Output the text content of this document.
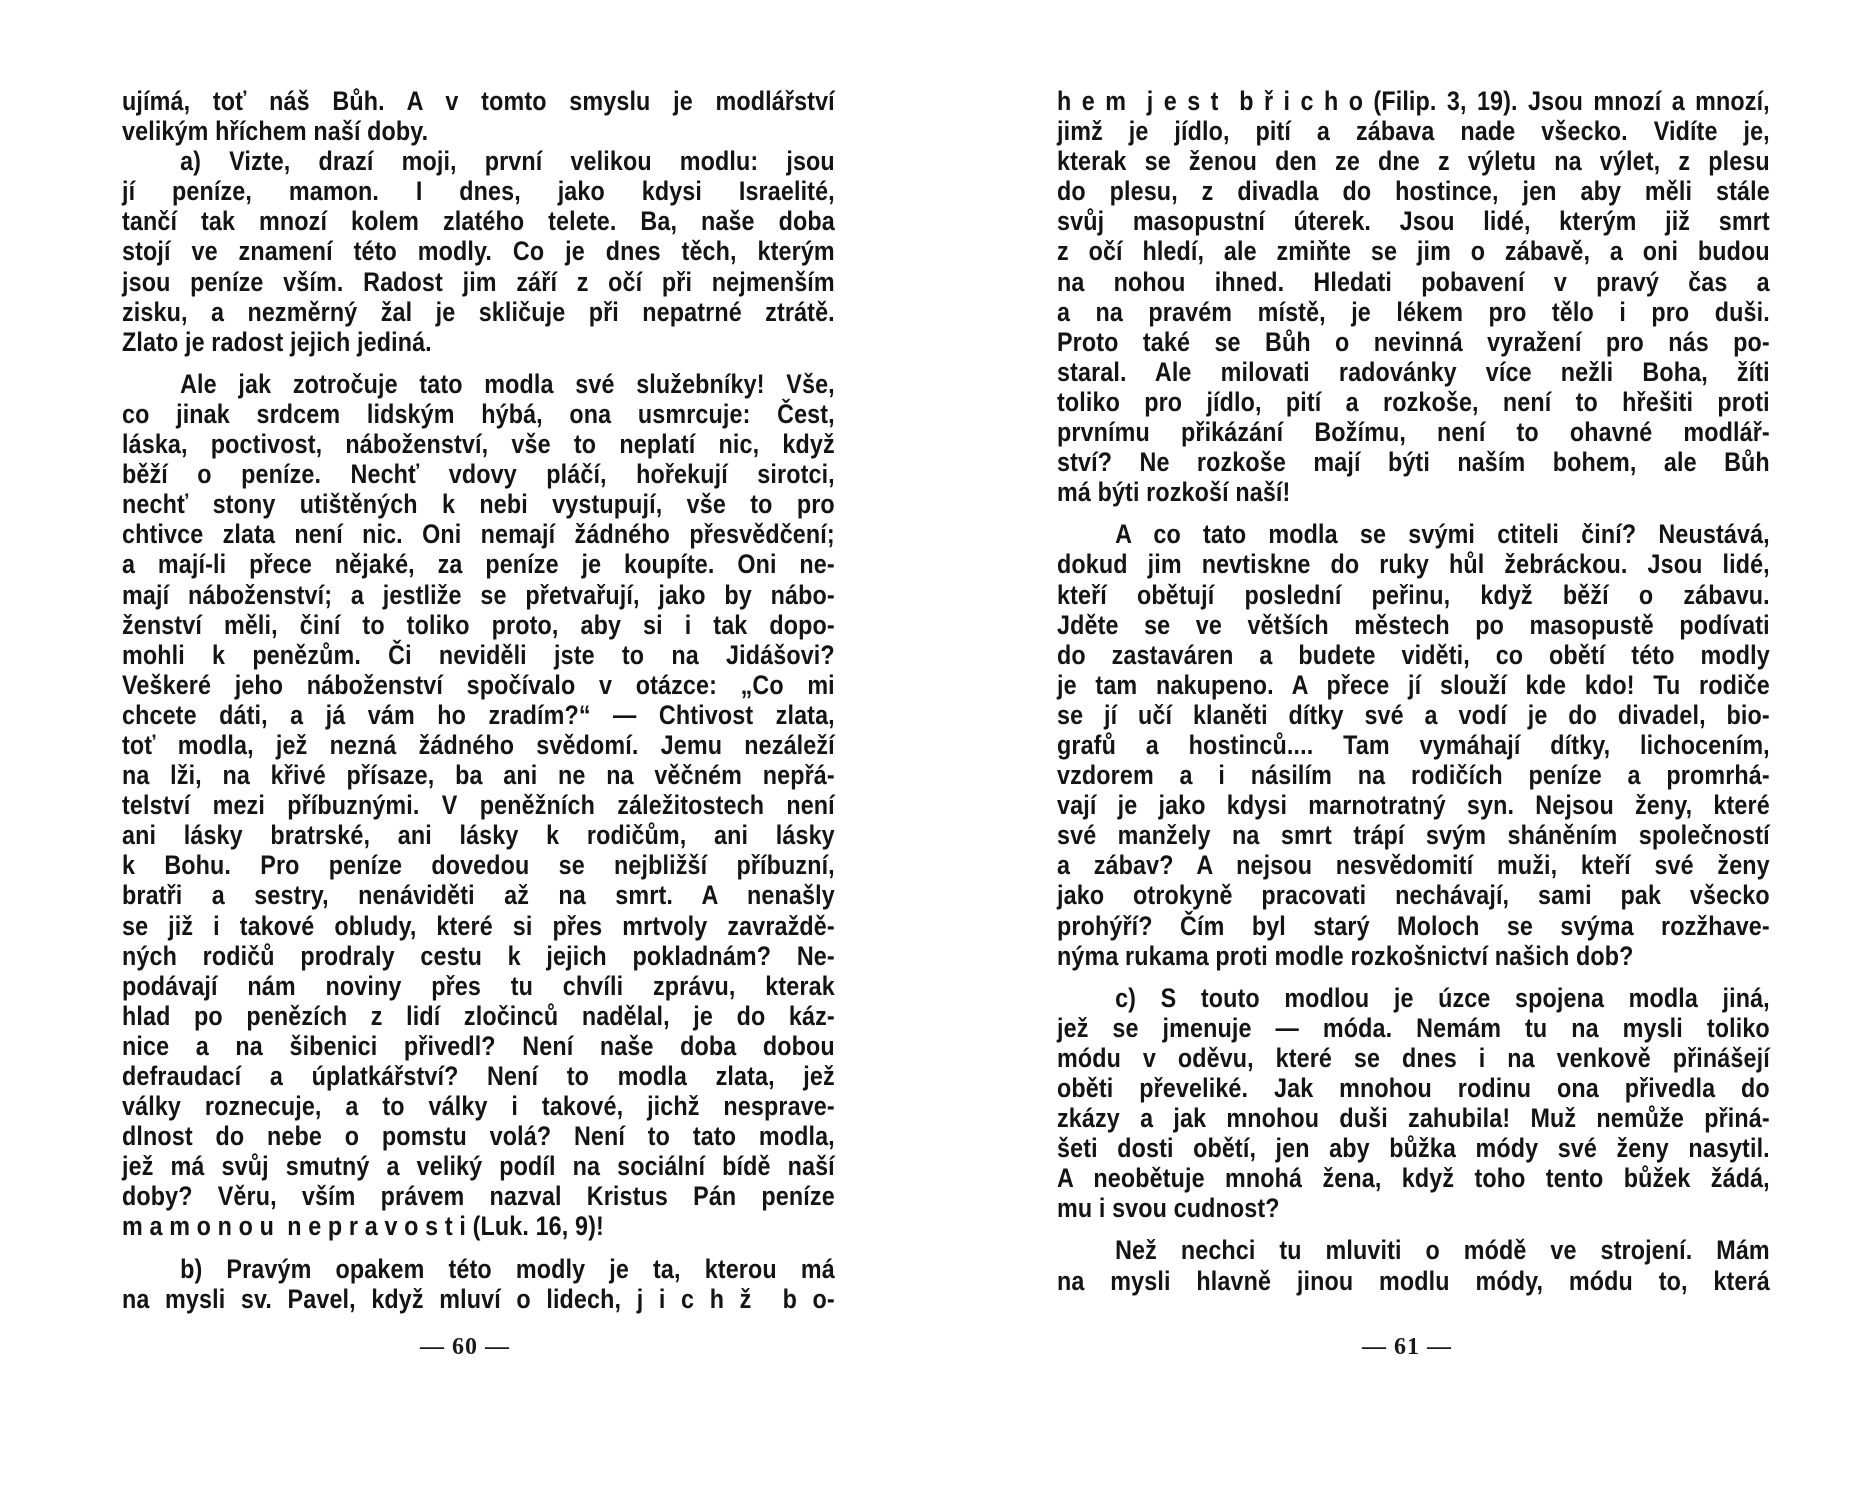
ujímá, toť náš Bůh. A v tomto smyslu je modlářství
velikým hříchem naší doby.
a) Vizte, drazí moji, první velikou modlu: jsou
jí peníze, mamon. I dnes, jako kdysi Israelité,
tančí tak mnozí kolem zlatého telete. Ba, naše doba
stojí ve znamení této modly. Co je dnes těch, kterým
jsou peníze vším. Radost jim září z očí při nejmenším
zisku, a nezměrný žal je skličuje při nepatrné ztrátě.
Zlato je radost jejich jediná.
Ale jak zotročuje tato modla své služebníky! Vše,
co jinak srdcem lidským hýbá, ona usmrcuje: Čest,
láska, poctivost, náboženství, vše to neplatí nic, když
běží o peníze. Nechť vdovy pláčí, hořekují sirotci,
nechť stony utištěných k nebi vystupují, vše to pro
chtivce zlata není nic. Oni nemají žádného přesvědčení;
a mají-li přece nějaké, za peníze je koupíte. Oni ne-
mají náboženství; a jestliže se přetvařují, jako by nábo-
ženství měli, činí to toliko proto, aby si i tak dopo-
mohli k penězům. Či neviděli jste to na Jidášovi?
Veškeré jeho náboženství spočívalo v otázce: „Co mi
chcete dáti, a já vám ho zradím?“ — Chtivost zlata,
toť modla, jež nezná žádného svědomí. Jemu nezáleží
na lži, na křivé přísaze, ba ani ne na věčném nepřá-
telství mezi příbuznými. V peněžních záležitostech není
ani lásky bratrské, ani lásky k rodičům, ani lásky
k Bohu. Pro peníze dovedou se nejbližší příbuzní,
bratři a sestry, nenáviděti až na smrt. A nenašly
se již i takové obludy, které si přes mrtvoly zavraždě-
ných rodičů prodraly cestu k jejich pokladnám? Ne-
podávají nám noviny přes tu chvíli zprávu, kterak
hlad po penězích z lidí zločinců nadělal, je do káz-
nice a na šibenici přivedl? Není naše doba dobou
defraudací a úplatkářství? Není to modla zlata, jež
války roznecuje, a to války i takové, jichž nesprave-
dlnost do nebe o pomstu volá? Není to tato modla,
jež má svůj smutný a veliký podíl na sociální bídě naší
doby? Věru, vším právem nazval Kristus Pán peníze
m a m o n o u  n e p r a v o s t i (Luk. 16, 9)!
b) Pravým opakem této modly je ta, kterou má
na mysli sv. Pavel, když mluví o lidech, j i c h ž  b o-
— 60 —
h e m  j e s t  b ř i c h o (Filip. 3, 19). Jsou mnozí a mnozí,
jimž je jídlo, pití a zábava nade všecko. Vidíte je,
kterak se ženou den ze dne z výletu na výlet, z plesu
do plesu, z divadla do hostince, jen aby měli stále
svůj masopustní úterek. Jsou lidé, kterým již smrt
z očí hledí, ale zmiňte se jim o zábavě, a oni budou
na nohou ihned. Hledati pobavení v pravý čas a
a na pravém místě, je lékem pro tělo i pro duši.
Proto také se Bůh o nevinná vyražení pro nás po-
staral. Ale milovati radovánky více nežli Boha, žíti
toliko pro jídlo, pití a rozkoše, není to hřešiti proti
prvnímu přikázání Božímu, není to ohavné modlář-
ství? Ne rozkoše mají býti naším bohem, ale Bůh
má býti rozkoší naší!
A co tato modla se svými ctiteli činí? Neustává,
dokud jim nevtiskne do ruky hůl žebráckou. Jsou lidé,
kteří obětují poslední peřinu, když běží o zábavu.
Jděte se ve větších městech po masopustě podívati
do zastaváren a budete viděti, co obětí této modly
je tam nakupeno. A přece jí slouží kde kdo! Tu rodiče
se jí učí klaněti dítky své a vodí je do divadel, bio-
grafů a hostinců.... Tam vymáhají dítky, lichocením,
vzdorem a i násilím na rodičích peníze a promrhá-
vají je jako kdysi marnotratný syn. Nejsou ženy, které
své manžely na smrt trápí svým sháněním společností
a zábav? A nejsou nesvědomití muži, kteří své ženy
jako otrokyně pracovati nechávají, sami pak všecko
prohýří? Čím byl starý Moloch se svýma rozžhave-
nýma rukama proti modle rozkošnictví našich dob?
c) S touto modlou je úzce spojena modla jiná,
jež se jmenuje — móda. Nemám tu na mysli toliko
módu v oděvu, které se dnes i na venkově přinášejí
oběti převeliké. Jak mnohou rodinu ona přivedla do
zkázy a jak mnohou duši zahubila! Muž nemůže přiná-
šeti dosti obětí, jen aby bůžka módy své ženy nasytil.
A neobětuje mnohá žena, když toho tento bůžek žádá,
mu i svou cudnost?
Než nechci tu mluviti o módě ve strojení. Mám
na mysli hlavně jinou modlu módy, módu to, která
— 61 —
